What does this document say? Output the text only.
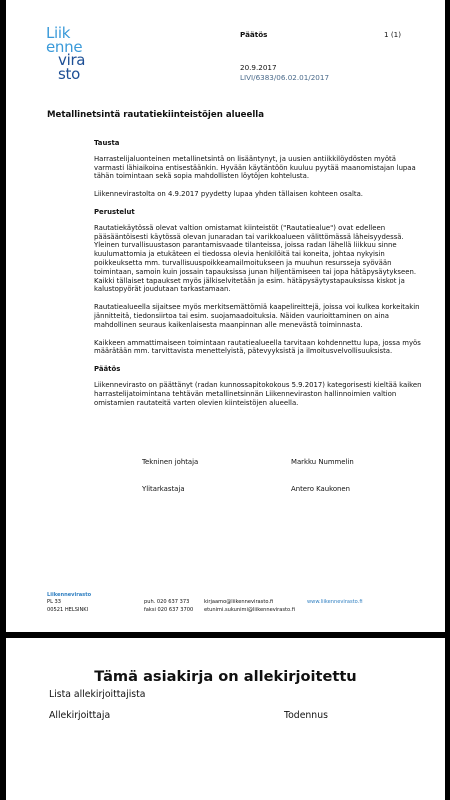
Liik
enne
vira
sto
Päätös	1 (1)
20.9.2017
LIVI/6383/06.02.01/2017
Metallinetsintä rautatiekiinteistöjen alueella
Tausta

Harrastelijaluonteinen metallinetsintä on lisääntynyt, ja uusien antiikkilöydösten myötä varmasti lähiaikoina entisestäänkin. Hyvään käytäntöön kuuluu pyytää maanomistajan lupaa tähän toimintaan sekä sopia mahdollisten löytöjen kohtelusta.

Liikennevirastolta on 4.9.2017 pyydetty lupaa yhden tällaisen kohteen osalta.

Perustelut

Rautatiekäytössä olevat valtion omistamat kiinteistöt ("Rautatiealue") ovat edelleen pääsääntöisesti käytössä olevan junaradan tai varikkoalueen välittömässä läheisyydessä. Yleinen turvallisuustason parantamisvaade tilanteissa, joissa radan lähellä liikkuu sinne kuulumattomia ja etukäteen ei tiedossa olevia henkilöitä tai koneita, johtaa nykyisin poikkeuksetta mm. turvallisuuspoikkeamailmoitukseen ja muuhun resursseja syövään toimintaan, samoin kuin jossain tapauksissa junan hiljentämiseen tai jopa hätäpysäytykseen. Kaikki tällaiset tapaukset myös jälkiselvitetään ja esim. hätäpysäytystapauksissa kiskot ja kalustopyörät joudutaan tarkastamaan.

Rautatiealueella sijaitsee myös merkitsemättömiä kaapelireittejä, joissa voi kulkea korkeitakin jännitteitä, tiedonsiirtoa tai esim. suojamaadoituksia. Näiden vaurioittaminen on aina mahdollinen seuraus kaikenlaisesta maanpinnan alle menevästä toiminnasta.

Kaikkeen ammattimaiseen toimintaan rautatiealueella tarvitaan kohdennettu lupa, jossa myös määrätään mm. tarvittavista menettelyistä, pätevyyksistä ja ilmoitusvelvollisuuksista.

Päätös

Liikennevirasto on päättänyt (radan kunnossapitokokous 5.9.2017) kategorisesti kieltää kaiken harrastelijatoimintana tehtävän metallinetsinnän Liikenneviraston hallinnoimien valtion omistamien rautateitä varten olevien kiinteistöjen alueella.

Tekninen johtaja	Markku Nummelin
Ylitarkastaja	Antero Kaukonen
Liikennevirasto
PL 33
00521 HELSINKI
puh. 020 637 373
faksi 020 637 3700
kirjaamo@liikennevirasto.fi
etunimi.sukunimi@liikennevirasto.fi
www.liikennevirasto.fi
Tämä asiakirja on allekirjoitettu
Lista allekirjoittajista
Allekirjoittaja	Todennus
